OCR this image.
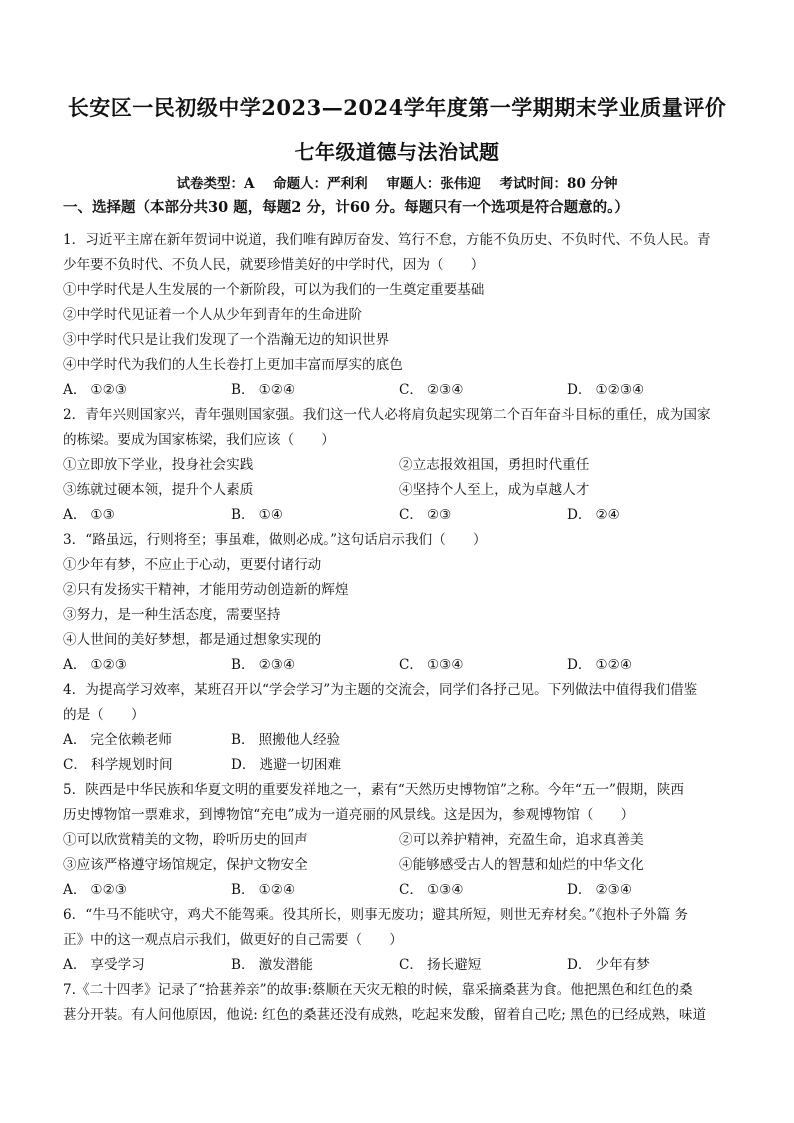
长安区一民初级中学2023—2024学年度第一学期期末学业质量评价
七年级道德与法治试题
试卷类型：A 命题人：严利利 审题人：张伟迎 考试时间：80 分钟
一、选择题（本部分共30 题，每题2 分，计60 分。每题只有一个选项是符合题意的。）
1．习近平主席在新年贺词中说道，我们唯有踔厉奋发、笃行不怠，方能不负历史、不负时代、不负人民。青
少年要不负时代、不负人民，就要珍惜美好的中学时代，因为（　　）
①中学时代是人生发展的一个新阶段，可以为我们的一生奠定重要基础
②中学时代见证着一个人从少年到青年的生命进阶
③中学时代只是让我们发现了一个浩瀚无边的知识世界
④中学时代为我们的人生长卷打上更加丰富而厚实的底色
A． ①②③	B． ①②④	C． ②③④	D． ①②③④
2．青年兴则国家兴，青年强则国家强。我们这一代人必将肩负起实现第二个百年奋斗目标的重任，成为国家
的栋梁。要成为国家栋梁，我们应该（　　）
①立即放下学业，投身社会实践	②立志报效祖国，勇担时代重任
③练就过硬本领，提升个人素质	④坚持个人至上，成为卓越人才
A． ①③	B． ①④	C． ②③	D． ②④
3．“路虽远，行则将至；事虽难，做则必成。”这句话启示我们（　　）
①少年有梦，不应止于心动，更要付诸行动
②只有发扬实干精神，才能用劳动创造新的辉煌
③努力，是一种生活态度，需要坚持
④人世间的美好梦想，都是通过想象实现的
A． ①②③	B． ②③④	C． ①③④	D． ①②④
4．为提高学习效率，某班召开以“学会学习”为主题的交流会，同学们各抒己见。下列做法中值得我们借鉴
的是（　　）
A． 完全依赖老师	B． 照搬他人经验
C． 科学规划时间	D． 逃避一切困难
5．陕西是中华民族和华夏文明的重要发祥地之一，素有“天然历史博物馆”之称。今年“五一”假期，陕西
历史博物馆一票难求，到博物馆“充电”成为一道亮丽的风景线。这是因为，参观博物馆（　　）
①可以欣赏精美的文物，聆听历史的回声	②可以养护精神，充盈生命，追求真善美
③应该严格遵守场馆规定，保护文物安全	④能够感受古人的智慧和灿烂的中华文化
A． ①②③	B． ①②④	C． ①③④	D． ②③④
6．“牛马不能吠守，鸡犬不能驾乘。役其所长，则事无废功；避其所短，则世无弃材矣。”《抱朴子外篇 务
正》中的这一观点启示我们，做更好的自己需要（　　）
A． 享受学习	B． 激发潜能	C． 扬长避短	D． 少年有梦
7.《二十四孝》记录了“拾葚养亲”的故事:蔡顺在天灾无粮的时候，靠采摘桑葚为食。他把黑色和红色的桑
葚分开装。有人问他原因，他说: 红色的桑葚还没有成熟，吃起来发酸，留着自己吃; 黑色的已经成熟，味道
